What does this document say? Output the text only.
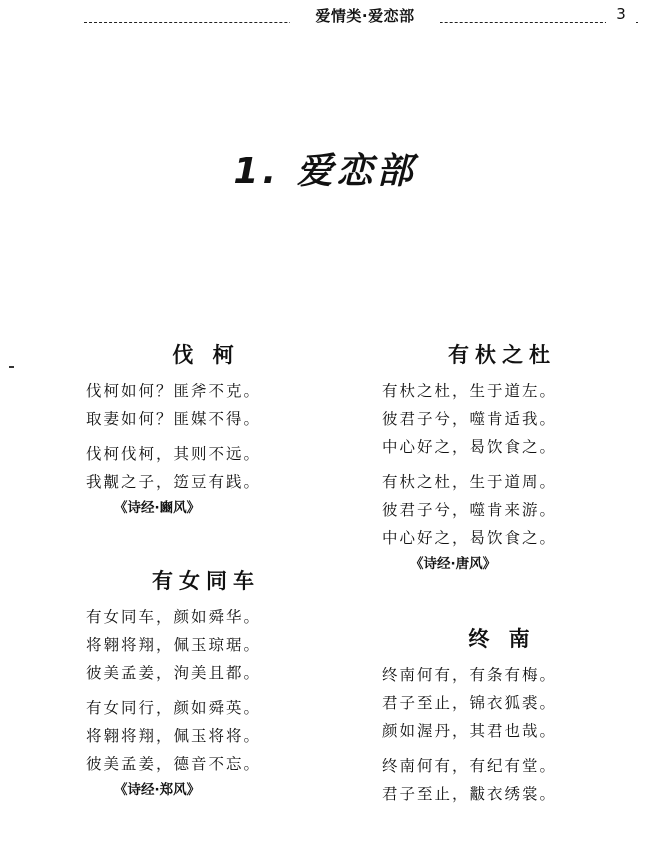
爱情类·爱恋部	3
1. 爱恋部
伐 柯
伐柯如何？匪斧不克。
取妻如何？匪媒不得。
伐柯伐柯，其则不远。
我觏之子，笾豆有践。
《诗经·豳风》
有女同车
有女同车，颜如舜华。
将翱将翔，佩玉琼琚。
彼美孟姜，洵美且都。
有女同行，颜如舜英。
将翱将翔，佩玉将将。
彼美孟姜，德音不忘。
《诗经·郑风》
有杕之杜
有杕之杜，生于道左。
彼君子兮，噬肯适我。
中心好之，曷饮食之。
有杕之杜，生于道周。
彼君子兮，噬肯来游。
中心好之，曷饮食之。
《诗经·唐风》
终 南
终南何有，有条有梅。
君子至止，锦衣狐裘。
颜如渥丹，其君也哉。
终南何有，有纪有堂。
君子至止，黻衣绣裳。
